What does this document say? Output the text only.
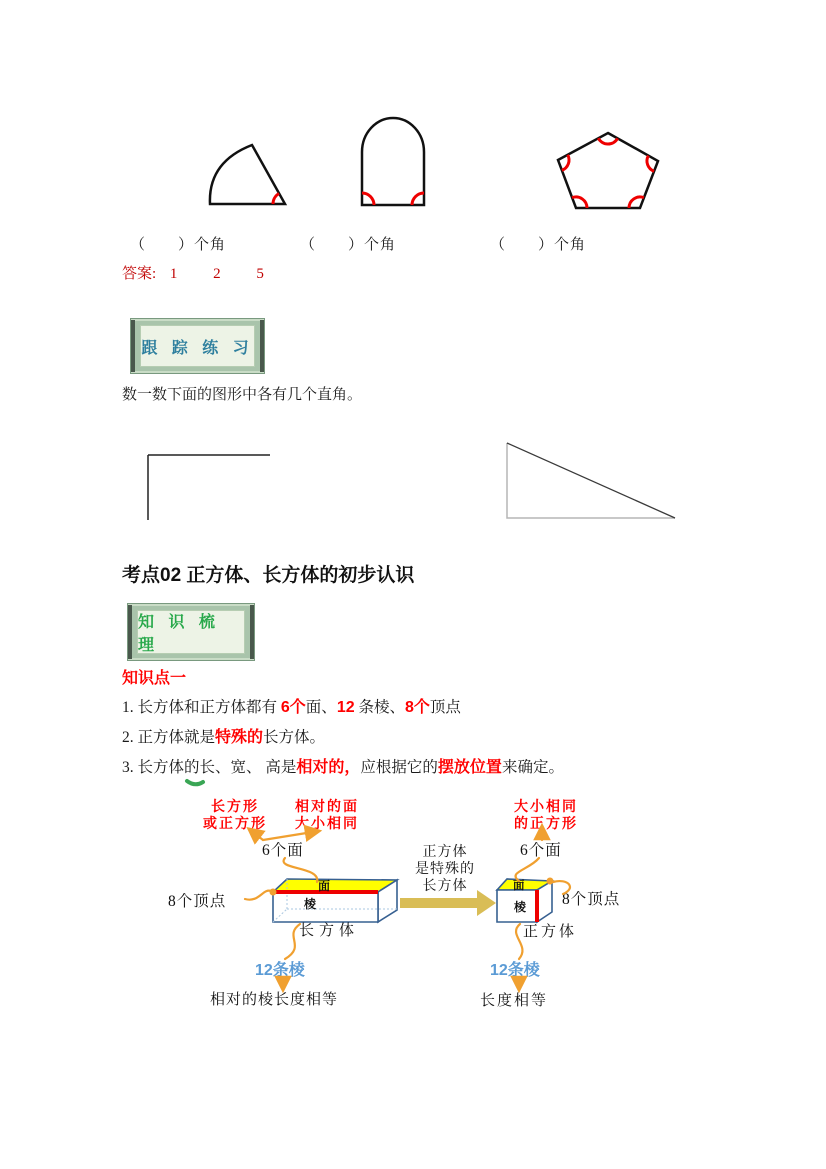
（　　）个角	（　　）个角	（　　）个角
答案: 1 2 5
跟 踪 练 习
数一数下面的图形中各有几个直角。
考点02 正方体、长方体的初步认识
知 识 梳 理
知识点一
1. 长方体和正方体都有 6个面、12 条棱、8个顶点
2. 正方体就是特殊的长方体。
3. 长方体的长、宽、 高是相对的，应根据它的摆放位置来确定。
长方形
或正方形
相对的面
大小相同
大小相同
的正方形
6个面	6个面
8个顶点	8个顶点
正方体
是特殊的
长方体
面
棱
长方体
面
棱
正方体
12条棱	12条棱
相对的棱长度相等	长度相等
